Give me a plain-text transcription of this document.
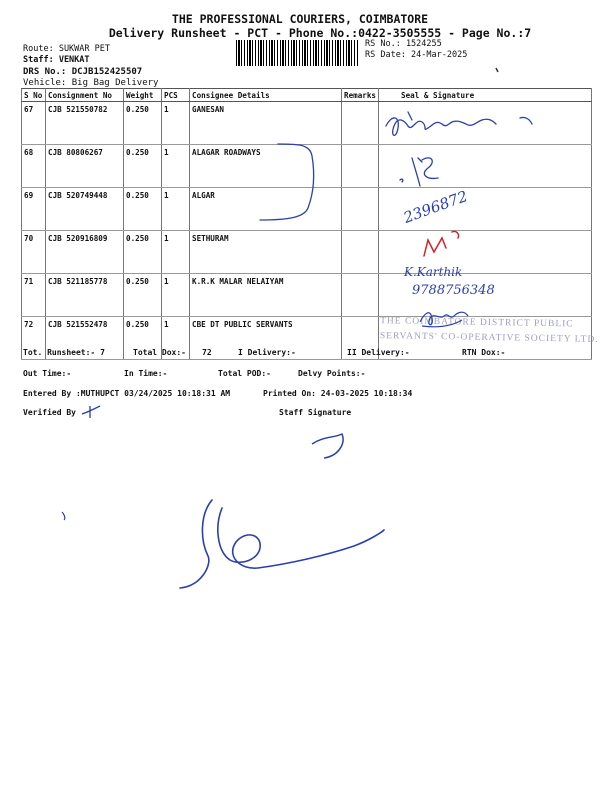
THE PROFESSIONAL COURIERS, COIMBATORE
Delivery Runsheet - PCT - Phone No.:0422-3505555 - Page No.:7
Route: SUKWAR PET
Staff: VENKAT
DRS No.: DCJB152425507
Vehicle: Big Bag Delivery
RS No.: 1524255
RS Date: 24-Mar-2025
S No	Consignment No	Weight	PCS	Consignee Details	Remarks	Seal & Signature
67	CJB 521550782	0.250	1	GANESAN		
68	CJB 80806267	0.250	1	ALAGAR ROADWAYS		
69	CJB 520749448	0.250	1	ALGAR		
70	CJB 520916809	0.250	1	SETHURAM		
71	CJB 521185778	0.250	1	K.R.K MALAR NELAIYAM		
72	CJB 521552478	0.250	1	CBE DT PUBLIC SERVANTS			THE COIMBATORE DISTRICT PUBLIC
SERVANTS' CO-OPERATIVE SOCIETY LTD.
2396872
K.Karthik
9788756348
Tot. Runsheet:- 7	Total Dox:- 72	I Delivery:-	II Delivery:-	RTN Dox:-
Out Time:-	In Time:-	Total POD:-	Delvy Points:-
Entered By :MUTHUPCT 03/24/2025 10:18:31 AM	Printed On: 24-03-2025 10:18:34
Verified By	Staff Signature
